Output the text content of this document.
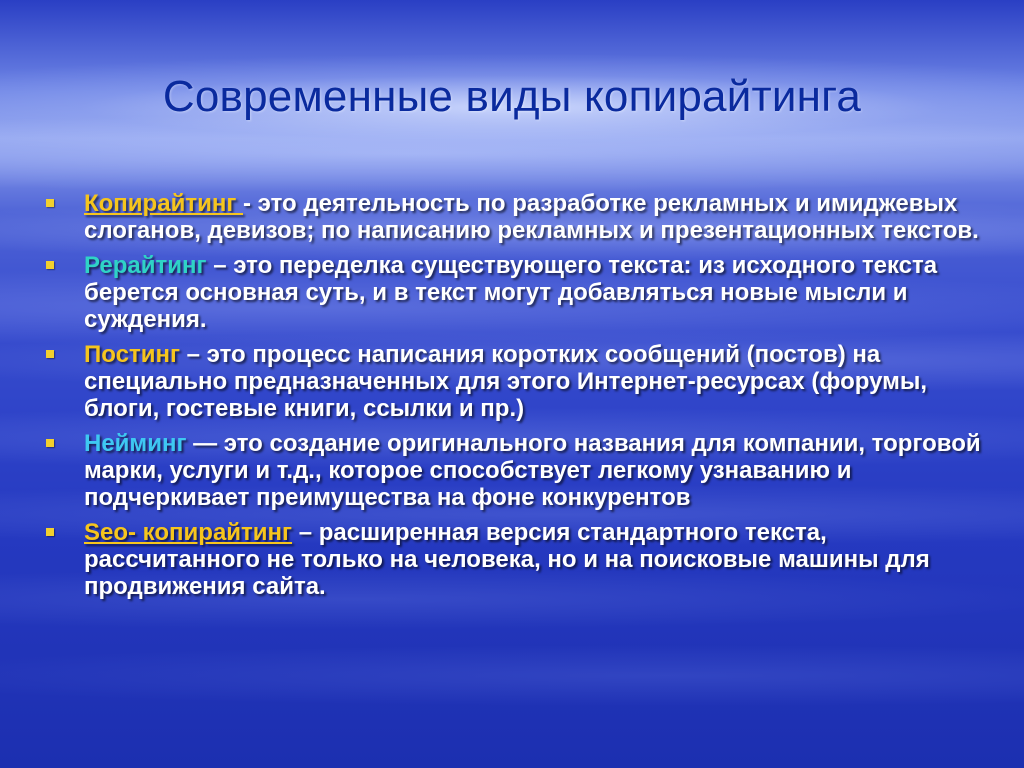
Современные виды копирайтинга
Копирайтинг - это деятельность по разработке рекламных и имиджевых слоганов, девизов; по написанию рекламных и презентационных текстов.
Рерайтинг – это переделка существующего текста: из исходного текста берется основная суть, и в текст могут добавляться новые мысли и суждения.
Постинг – это процесс написания коротких сообщений (постов) на специально предназначенных для этого Интернет-ресурсах (форумы, блоги, гостевые книги, ссылки и пр.)
Нейминг — это создание оригинального названия для компании, торговой марки, услуги и т.д., которое способствует легкому узнаванию и подчеркивает преимущества на фоне конкурентов
Seo- копирайтинг – расширенная версия стандартного текста, рассчитанного не только на человека, но и на поисковые машины для продвижения сайта.
